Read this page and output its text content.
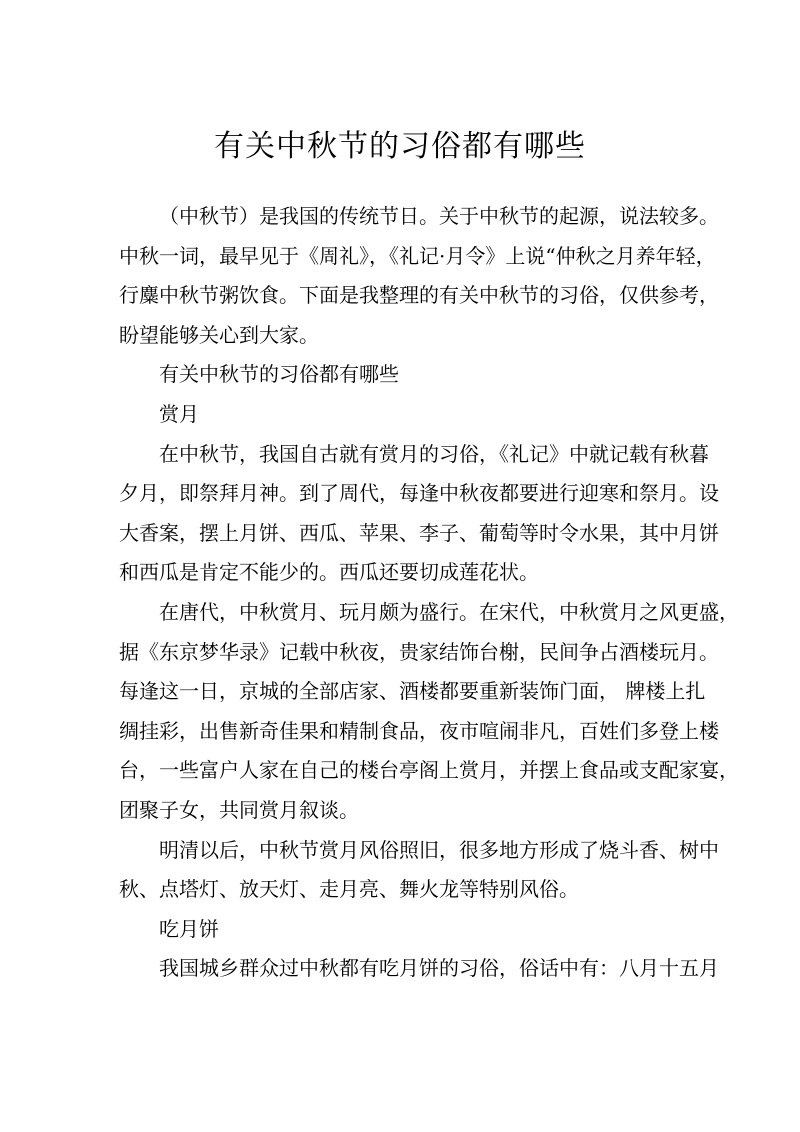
有关中秋节的习俗都有哪些
（中秋节）是我国的传统节日。关于中秋节的起源，说法较多。
中秋一词，最早见于《周礼》，《礼记·月令》上说“仲秋之月养年轻，
行麋中秋节粥饮食。下面是我整理的有关中秋节的习俗，仅供参考，
盼望能够关心到大家。
有关中秋节的习俗都有哪些
赏月
在中秋节，我国自古就有赏月的习俗，《礼记》中就记载有秋暮
夕月，即祭拜月神。到了周代，每逢中秋夜都要进行迎寒和祭月。设
大香案，摆上月饼、西瓜、苹果、李子、葡萄等时令水果，其中月饼
和西瓜是肯定不能少的。西瓜还要切成莲花状。
在唐代，中秋赏月、玩月颇为盛行。在宋代，中秋赏月之风更盛，
据《东京梦华录》记载中秋夜，贵家结饰台榭，民间争占酒楼玩月。
每逢这一日，京城的全部店家、酒楼都要重新装饰门面， 牌楼上扎
绸挂彩，出售新奇佳果和精制食品，夜市喧闹非凡，百姓们多登上楼
台，一些富户人家在自己的楼台亭阁上赏月，并摆上食品或支配家宴，
团聚子女，共同赏月叙谈。
明清以后，中秋节赏月风俗照旧，很多地方形成了烧斗香、树中
秋、点塔灯、放天灯、走月亮、舞火龙等特别风俗。
吃月饼
我国城乡群众过中秋都有吃月饼的习俗，俗话中有：八月十五月
